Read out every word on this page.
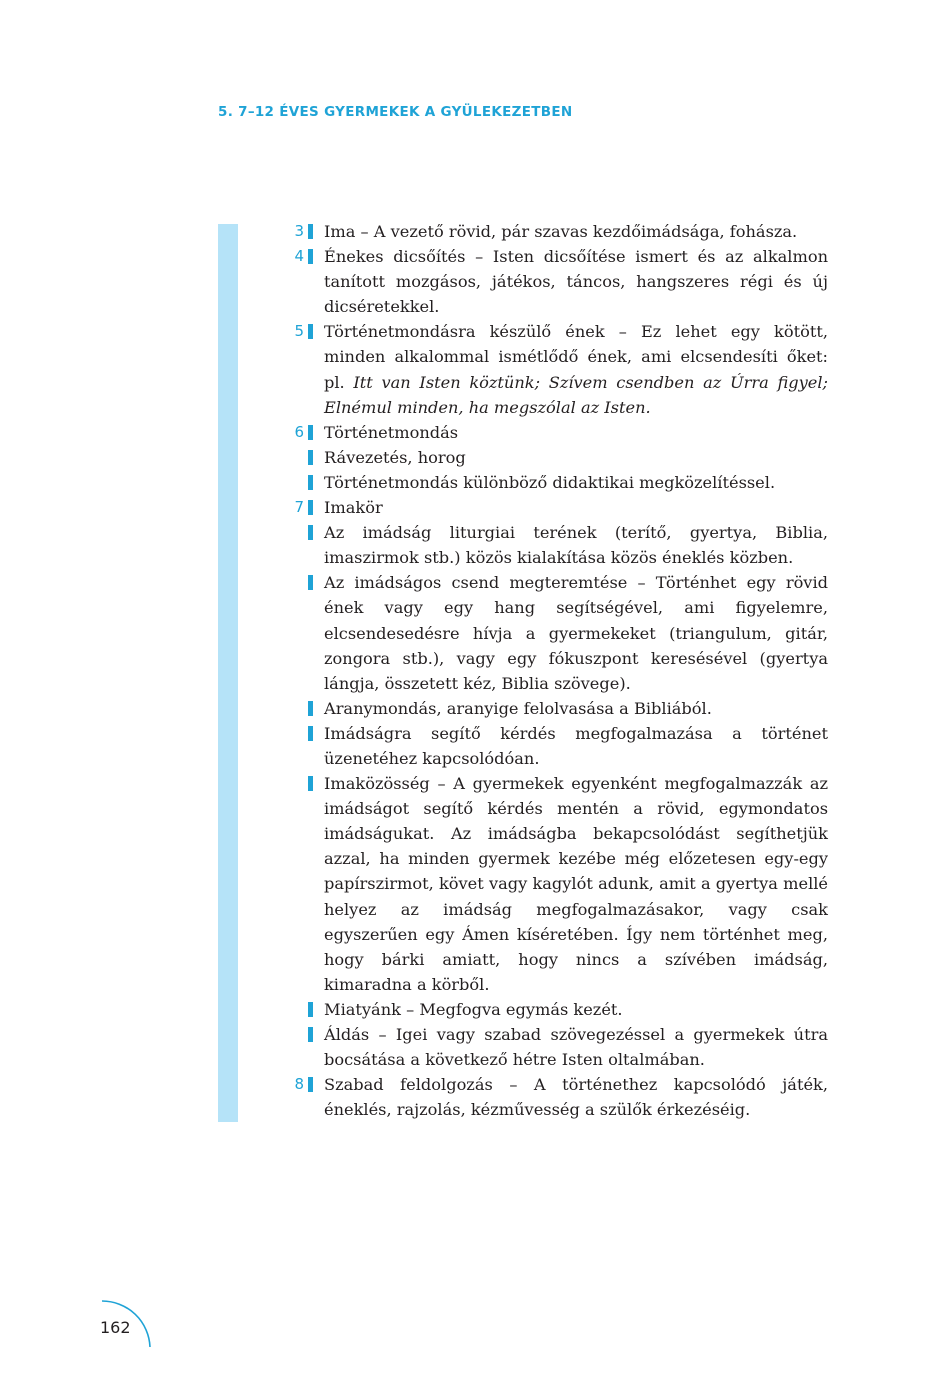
5. 7–12 ÉVES GYERMEKEK A GYÜLEKEZETBEN
3 Ima – A vezető rövid, pár szavas kezdőimádsága, fohásza.
4 Énekes dicsőítés – Isten dicsőítése ismert és az alkalmon tanított mozgásos, játékos, táncos, hangszeres régi és új dicséretekkel.
5 Történetmondásra készülő ének – Ez lehet egy kötött, minden alkalommal ismétlődő ének, ami elcsendesíti őket: pl. Itt van Isten köztünk; Szívem csendben az Úrra figyel; Elnémul minden, ha megszólal az Isten.
6 Történetmondás
Rávezetés, horog
Történetmondás különböző didaktikai megközelítéssel.
7 Imakör
Az imádság liturgiai terének (terítő, gyertya, Biblia, imaszirmok stb.) közös kialakítása közös éneklés közben.
Az imádságos csend megteremtése – Történhet egy rövid ének vagy egy hang segítségével, ami figyelemre, elcsendesedésre hívja a gyermekeket (triangulum, gitár, zongora stb.), vagy egy fókuszpont keresésével (gyertya lángja, összetett kéz, Biblia szövege).
Aranymondás, aranyige felolvasása a Bibliából.
Imádságra segítő kérdés megfogalmazása a történet üzenetéhez kapcsolódóan.
Imaközösség – A gyermekek egyenként megfogalmazzák az imádságot segítő kérdés mentén a rövid, egymondatos imádságukat. Az imádságba bekapcsolódást segíthetjük azzal, ha minden gyermek kezébe még előzetesen egy-egy papírszirmot, követ vagy kagylót adunk, amit a gyertya mellé helyez az imádság megfogalmazásakor, vagy csak egyszerűen egy Ámen kíséretében. Így nem történhet meg, hogy bárki amiatt, hogy nincs a szívében imádság, kimaradna a körből.
Miatyánk – Megfogva egymás kezét.
Áldás – Igei vagy szabad szövegezéssel a gyermekek útra bocsátása a következő hétre Isten oltalmában.
8 Szabad feldolgozás – A történethez kapcsolódó játék, éneklés, rajzolás, kézművesség a szülők érkezéséig.
162
